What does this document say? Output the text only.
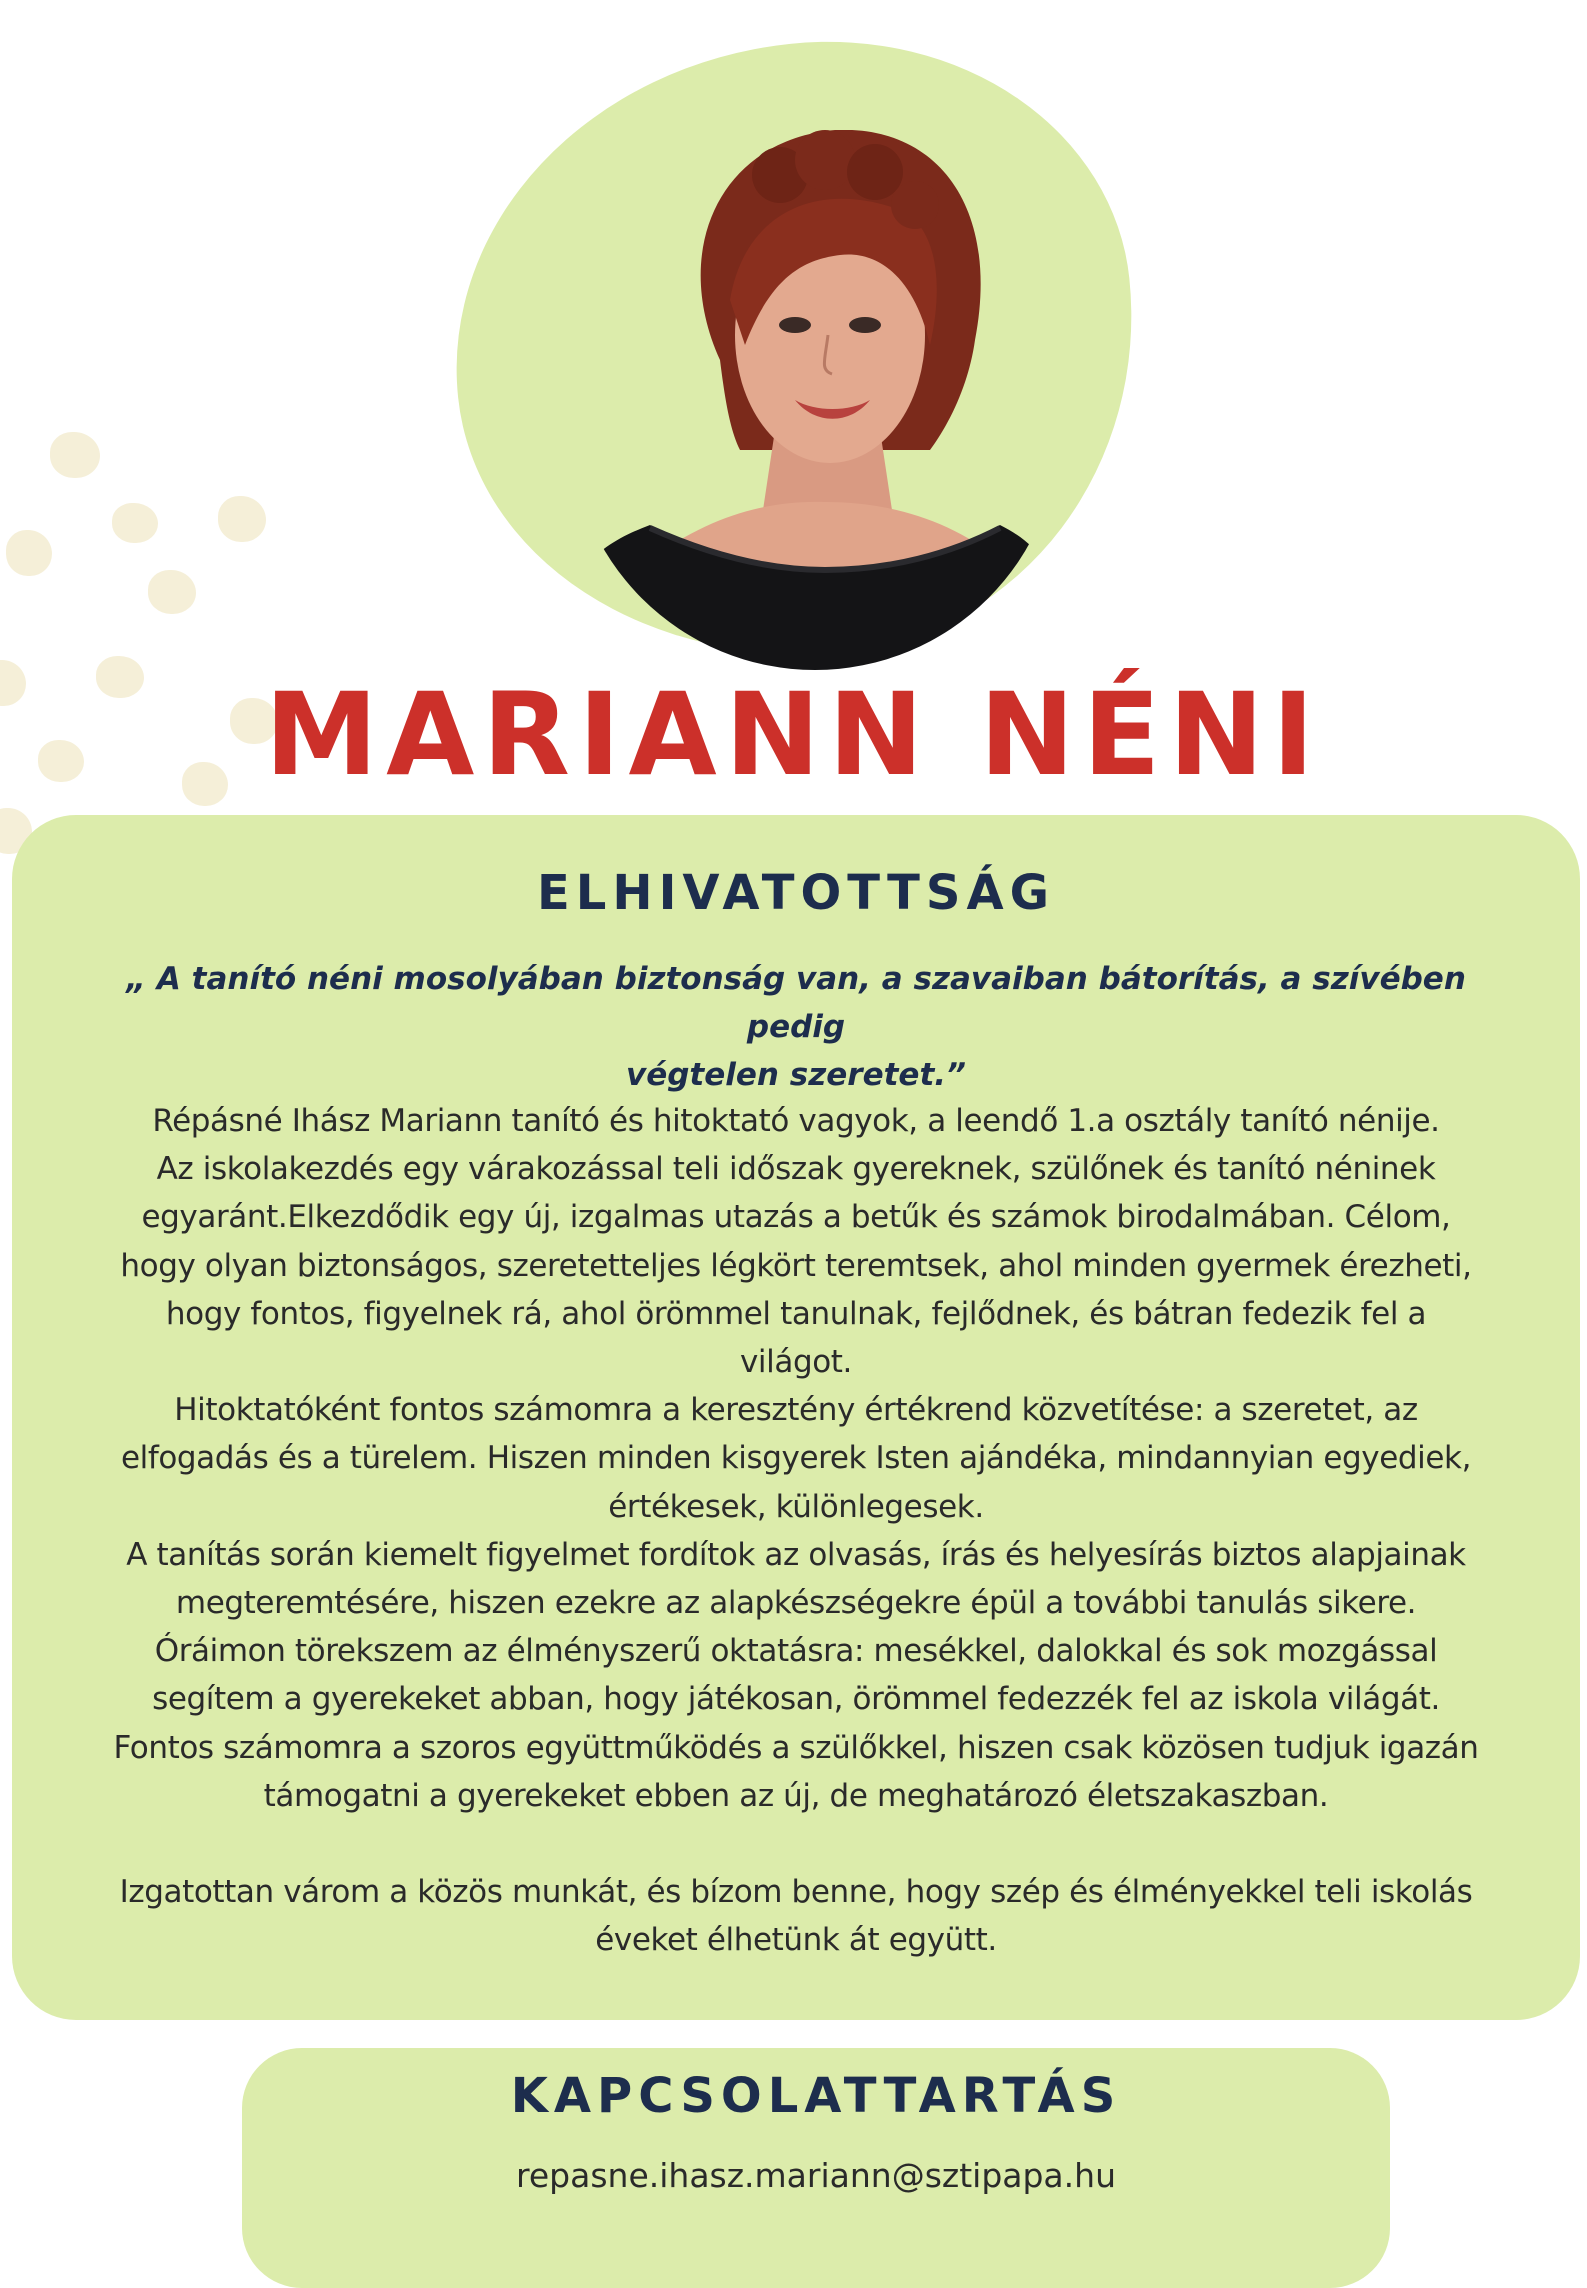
MARIANN NÉNI
ELHIVATOTTSÁG
„ A tanító néni mosolyában biztonság van, a szavaiban bátorítás, a szívében pedig
végtelen szeretet.”

Répásné Ihász Mariann tanító és hitoktató vagyok, a leendő 1.a osztály tanító nénije.

Az iskolakezdés egy várakozással teli időszak gyereknek, szülőnek és tanító néninek

egyaránt.Elkezdődik egy új, izgalmas utazás a betűk és számok birodalmában. Célom,

hogy olyan biztonságos, szeretetteljes légkört teremtsek, ahol minden gyermek érezheti,

hogy fontos, figyelnek rá, ahol örömmel tanulnak, fejlődnek, és bátran fedezik fel a

világot.

Hitoktatóként fontos számomra a keresztény értékrend közvetítése: a szeretet, az

elfogadás és a türelem. Hiszen minden kisgyerek Isten ajándéka, mindannyian egyediek,

értékesek, különlegesek.

A tanítás során kiemelt figyelmet fordítok az olvasás, írás és helyesírás biztos alapjainak

megteremtésére, hiszen ezekre az alapkészségekre épül a további tanulás sikere.

Óráimon törekszem az élményszerű oktatásra: mesékkel, dalokkal és sok mozgással

segítem a gyerekeket abban, hogy játékosan, örömmel fedezzék fel az iskola világát.

Fontos számomra a szoros együttműködés a szülőkkel, hiszen csak közösen tudjuk igazán

támogatni a gyerekeket ebben az új, de meghatározó életszakaszban.

Izgatottan várom a közös munkát, és bízom benne, hogy szép és élményekkel teli iskolás

éveket élhetünk át együtt.

KAPCSOLATTARTÁS
repasne.ihasz.mariann@sztipapa.hu
